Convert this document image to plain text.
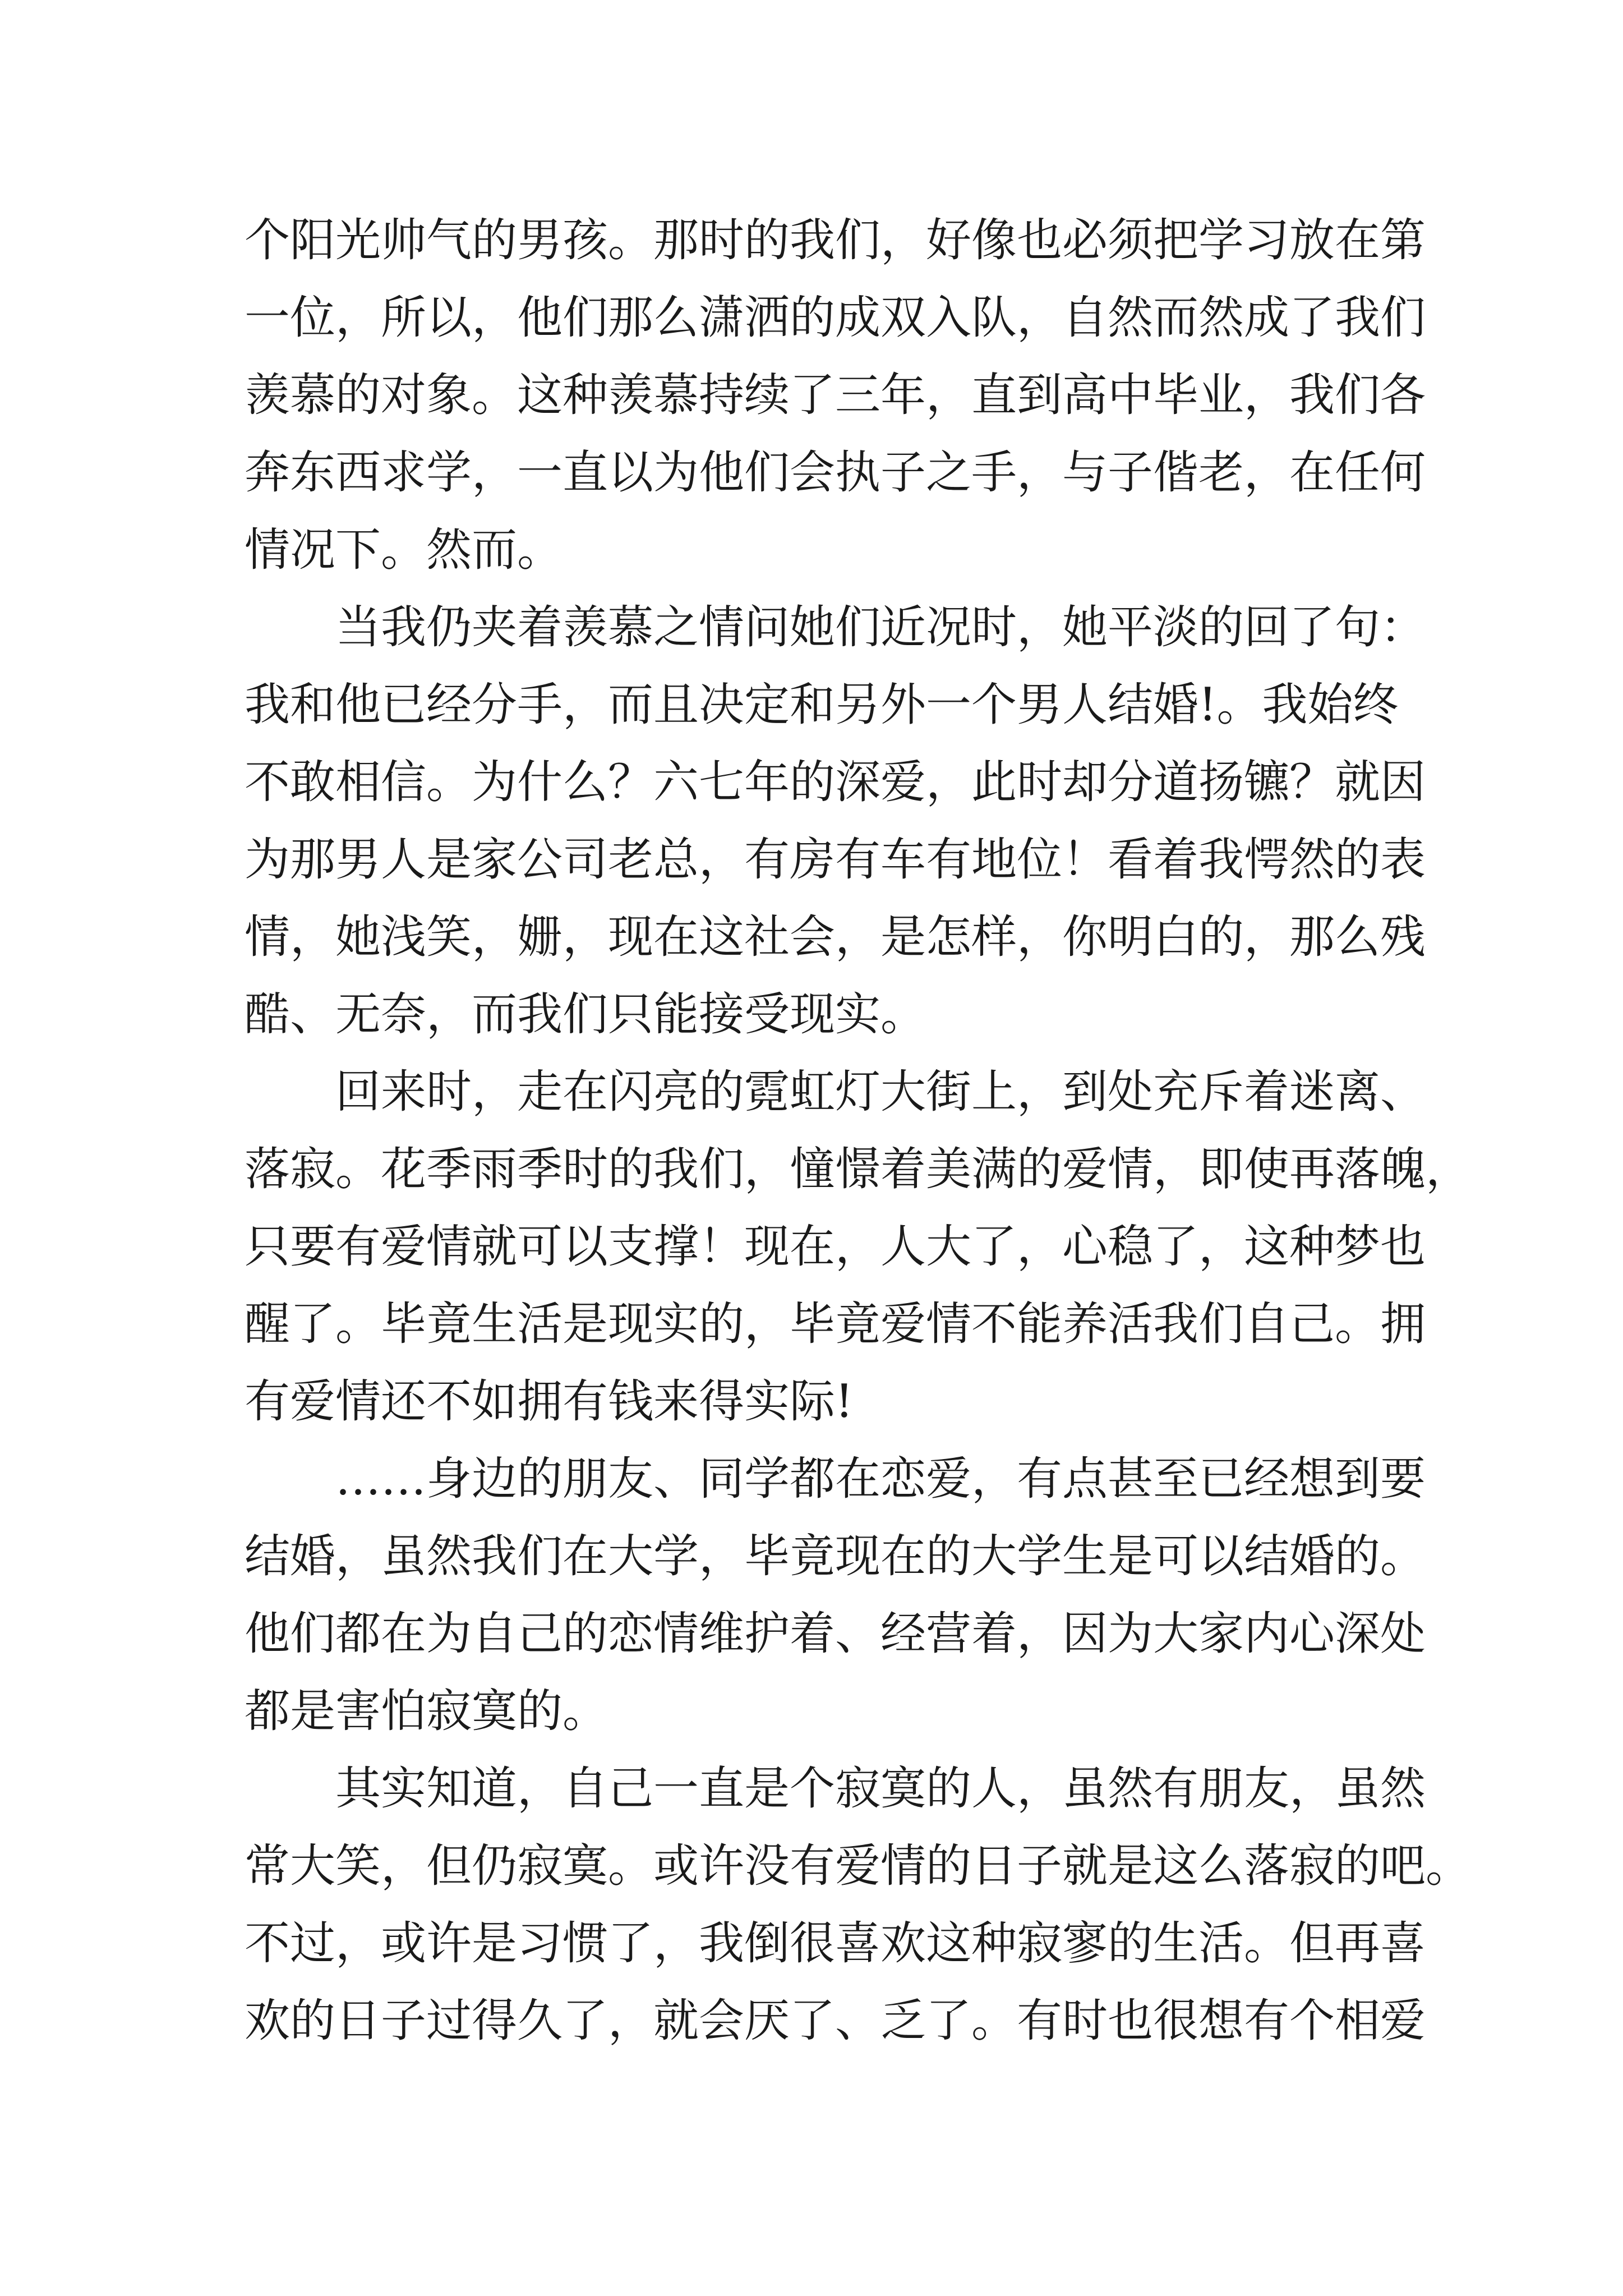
个阳光帅气的男孩。那时的我们，好像也必须把学习放在第
一位，所以，他们那么潇洒的成双入队，自然而然成了我们
羡慕的对象。这种羡慕持续了三年，直到高中毕业，我们各
奔东西求学，一直以为他们会执子之手，与子偕老，在任何
情况下。然而。
当我仍夹着羡慕之情问她们近况时，她平淡的回了句：
我和他已经分手，而且决定和另外一个男人结婚!。我始终
不敢相信。为什么？六七年的深爱，此时却分道扬镳？就因
为那男人是家公司老总，有房有车有地位！看着我愕然的表
情，她浅笑，姗，现在这社会，是怎样，你明白的，那么残
酷、无奈，而我们只能接受现实。
回来时，走在闪亮的霓虹灯大街上，到处充斥着迷离、
落寂。花季雨季时的我们，憧憬着美满的爱情，即使再落魄，
只要有爱情就可以支撑！现在，人大了，心稳了，这种梦也
醒了。毕竟生活是现实的，毕竟爱情不能养活我们自己。拥
有爱情还不如拥有钱来得实际!
……身边的朋友、同学都在恋爱，有点甚至已经想到要
结婚，虽然我们在大学，毕竟现在的大学生是可以结婚的。
他们都在为自己的恋情维护着、经营着，因为大家内心深处
都是害怕寂寞的。
其实知道，自己一直是个寂寞的人，虽然有朋友，虽然
常大笑，但仍寂寞。或许没有爱情的日子就是这么落寂的吧。
不过，或许是习惯了，我倒很喜欢这种寂寥的生活。但再喜
欢的日子过得久了，就会厌了、乏了。有时也很想有个相爱
